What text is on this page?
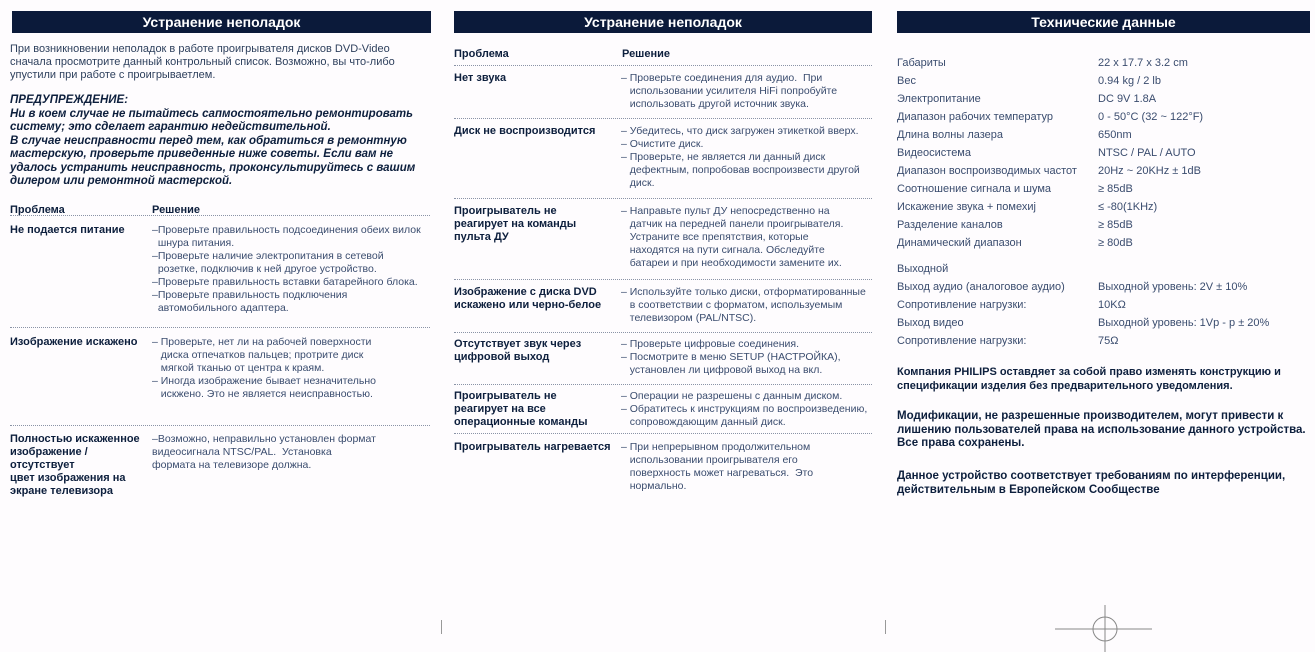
Устранение неполадок	Устранение неполадок	Технические данные
При возникновении неполадок в работе проигрывателя дисков DVD-Video сначала просмотрите данный контрольный список. Возможно, вы что-либо упустили при работе с проигрываетлем.
ПРЕДУПРЕЖДЕНИЕ:
Ни в коем случае не пытайтесь сапмостоятельно ремонтировать систему; это сделает гарантию недействительной.
В случае неисправности перед тем, как обратиться в ремонтную мастерскую, проверьте приведенные ниже советы. Если вам не удалось устранить неисправность, проконсультируйтесь с вашим дилером или ремонтной мастерской.
Проблема	Решение
Проблема	Решение
Не подается питание	–Проверьте правильность подсоединения обеих вилок
шнура питания.
–Проверьте наличие электропитания в сетевой
розетке, подключив к ней другое устройство.
–Проверьте правильность вставки батарейного блока.
–Проверьте правильность подключения
автомобильного адаптера.
Изображение искажено	– Проверьте, нет ли на рабочей поверхности
диска отпечатков пальцев; протрите диск
мягкой тканью от центра к краям.
– Иногда изображение бывает незначительно
искжено. Это не является неисправностью.
Полностью искаженное
изображение /отсутствует
цвет изображения на
экране телевизора
–Возможно, неправильно установлен формат
видеосигнала NTSC/PAL.  Установка
формата на телевизоре должна.
Нет звука	– Проверьте соединения для аудио.  При
использовании усилителя HiFi попробуйте
использовать другой источник звука.
Диск не воспроизводится	– Убедитесь, что диск загружен этикеткой вверх.
– Очистите диск.
– Проверьте, не является ли данный диск
дефектным, попробовав воспроизвести другой
диск.
Проигрыватель не
реагирует на команды
пульта ДУ
– Направьте пульт ДУ непосредственно на
датчик на передней панели проигрывателя.
Устраните все препятствия, которые
находятся на пути сигнала. Обследуйте
батареи и при необходимости замените их.
Изображение с диска DVD
искажено или черно-белое
– Используйте только диски, отформатированные
в соответствии с форматом, используемым
телевизором (PAL/NTSC).
Отсутствует звук через
цифровой выход
– Проверьте цифровые соединения.
– Посмотрите в меню SETUP (НАСТРОЙКА),
установлен ли цифровой выход на вкл.
Проигрыватель не
реагирует на все
операционные команды
– Операции не разрешены с данным диском.
– Обратитесь к инструкциям по воспроизведению,
сопровождающим данный диск.
Проигрыватель нагревается – При непрерывном продолжительном
использовании проигрывателя его
поверхность может нагреваться.  Это
нормально.
Габариты	22 x 17.7 x 3.2 cm
Вес	0.94 kg / 2 lb
Электропитание	DC 9V 1.8A
Диапазон рабочих температур	0 - 50°C (32 ~ 122°F)
Длина волны лазера	650nm
Видеосистема	NTSC / PAL / AUTO
Диапазон воспроизводимых частот 20Hz ~ 20KHz ± 1dB
Соотношение сигнала и шума	≥ 85dB
Искажение звука + помехиj	≤ -80(1KHz)
Разделение каналов	≥ 85dB
Динамический диапазон	≥ 80dB
Выход аудио (аналоговое аудио)	Выходной уровень: 2V ± 10%
Сопротивление нагрузки:	10KΩ
Выход видео	Выходной уровень: 1Vp - p ± 20%
Сопротивление нагрузки:	75Ω
Выходной
Компания PHILIPS оставдяет за собой право изменять конструкцию и спецификации изделия без предварительного уведомления.
Модификации, не разрешенные производителем, могут привести к лишению пользователей права на использование данного устройства.
Все права сохранены.
Данное устройство соответствует требованиям по интерференции, действительным в Европейском Сообществе
